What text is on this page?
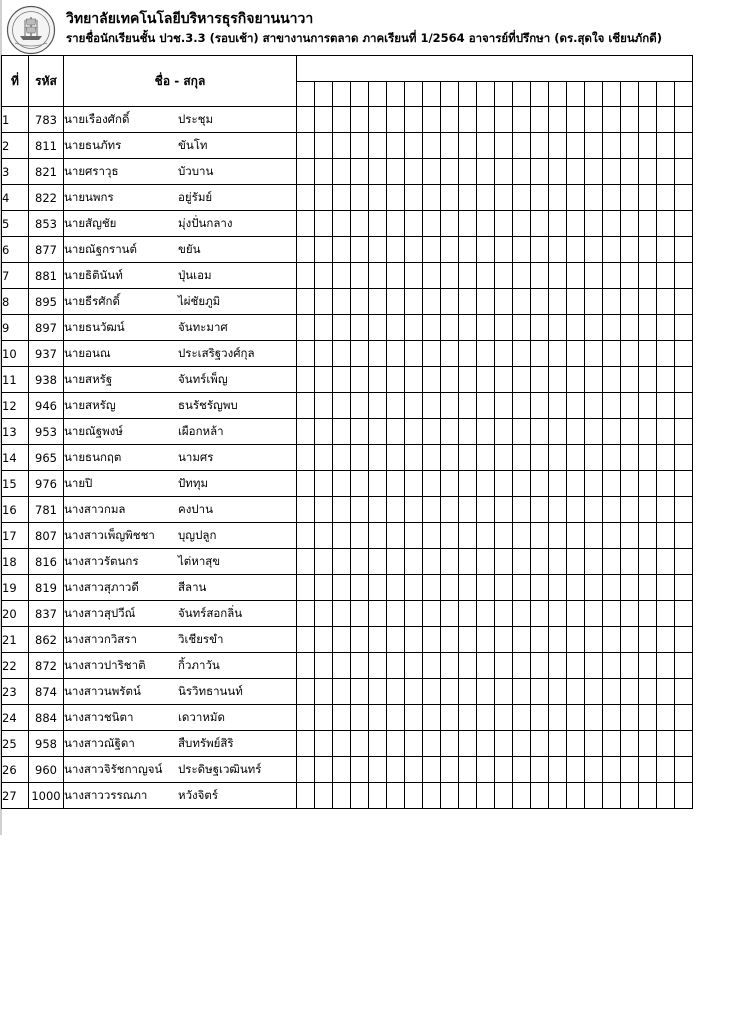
วิทยาลัยเทคโนโลยีบริหารธุรกิจยานนาวา
รายชื่อนักเรียนชั้น ปวช.3.3 (รอบเช้า) สาขางานการตลาด ภาคเรียนที่ 1/2564 อาจารย์ที่ปรึกษา (ดร.สุดใจ เชียนภักดี)
ที่	รหัส	ชื่อ - สกุล																						

1	783	นายเรืองศักดิ์ ประชุม																						
2	811	นายธนภัทร ขันโท																						
3	821	นายศราวุธ บัวบาน																						
4	822	นายนพกร อยู่รัมย์																						
5	853	นายสัญชัย มุ่งปั่นกลาง																						
6	877	นายณัฐกรานต์ ขยัน																						
7	881	นายธิตินันท์ ปุ่นเอม																						
8	895	นายธีรศักดิ์ ไผ่ชัยภูมิ																						
9	897	นายธนวัฒน์ จันทะมาศ																						
10	937	นายอนณ ประเสริฐวงศ์กุล																						
11	938	นายสหรัฐ จันทร์เพ็ญ																						
12	946	นายสหรัญ ธนรัชรัญพบ																						
13	953	นายณัฐพงษ์ เผือกหล้า																						
14	965	นายธนกฤต นามศร																						
15	976	นายปิ ปัททุม																						
16	781	นางสาวกมล คงปาน																						
17	807	นางสาวเพ็ญพิชชา บุญปลูก																						
18	816	นางสาวรัตนกร ไต่หาสุข																						
19	819	นางสาวสุภาวดี สีลาน																						
20	837	นางสาวสุปวีณ์ จันทร์สอกลิ่น																						
21	862	นางสาวกวิสรา วิเชียรขำ																						
22	872	นางสาวปาริชาติ กิ้วภาวัน																						
23	874	นางสาวนพรัตน์ นิรวิทธานนท์																						
24	884	นางสาวชนิตา เดวาหมัด																						
25	958	นางสาวณัฐิดา สืบทรัพย์สิริ																						
26	960	นางสาวจิรัชกาญจน์ ประดิษฐเวฒินทร์																						
27	1000	นางสาววรรณภา หวังจิตร์																						
